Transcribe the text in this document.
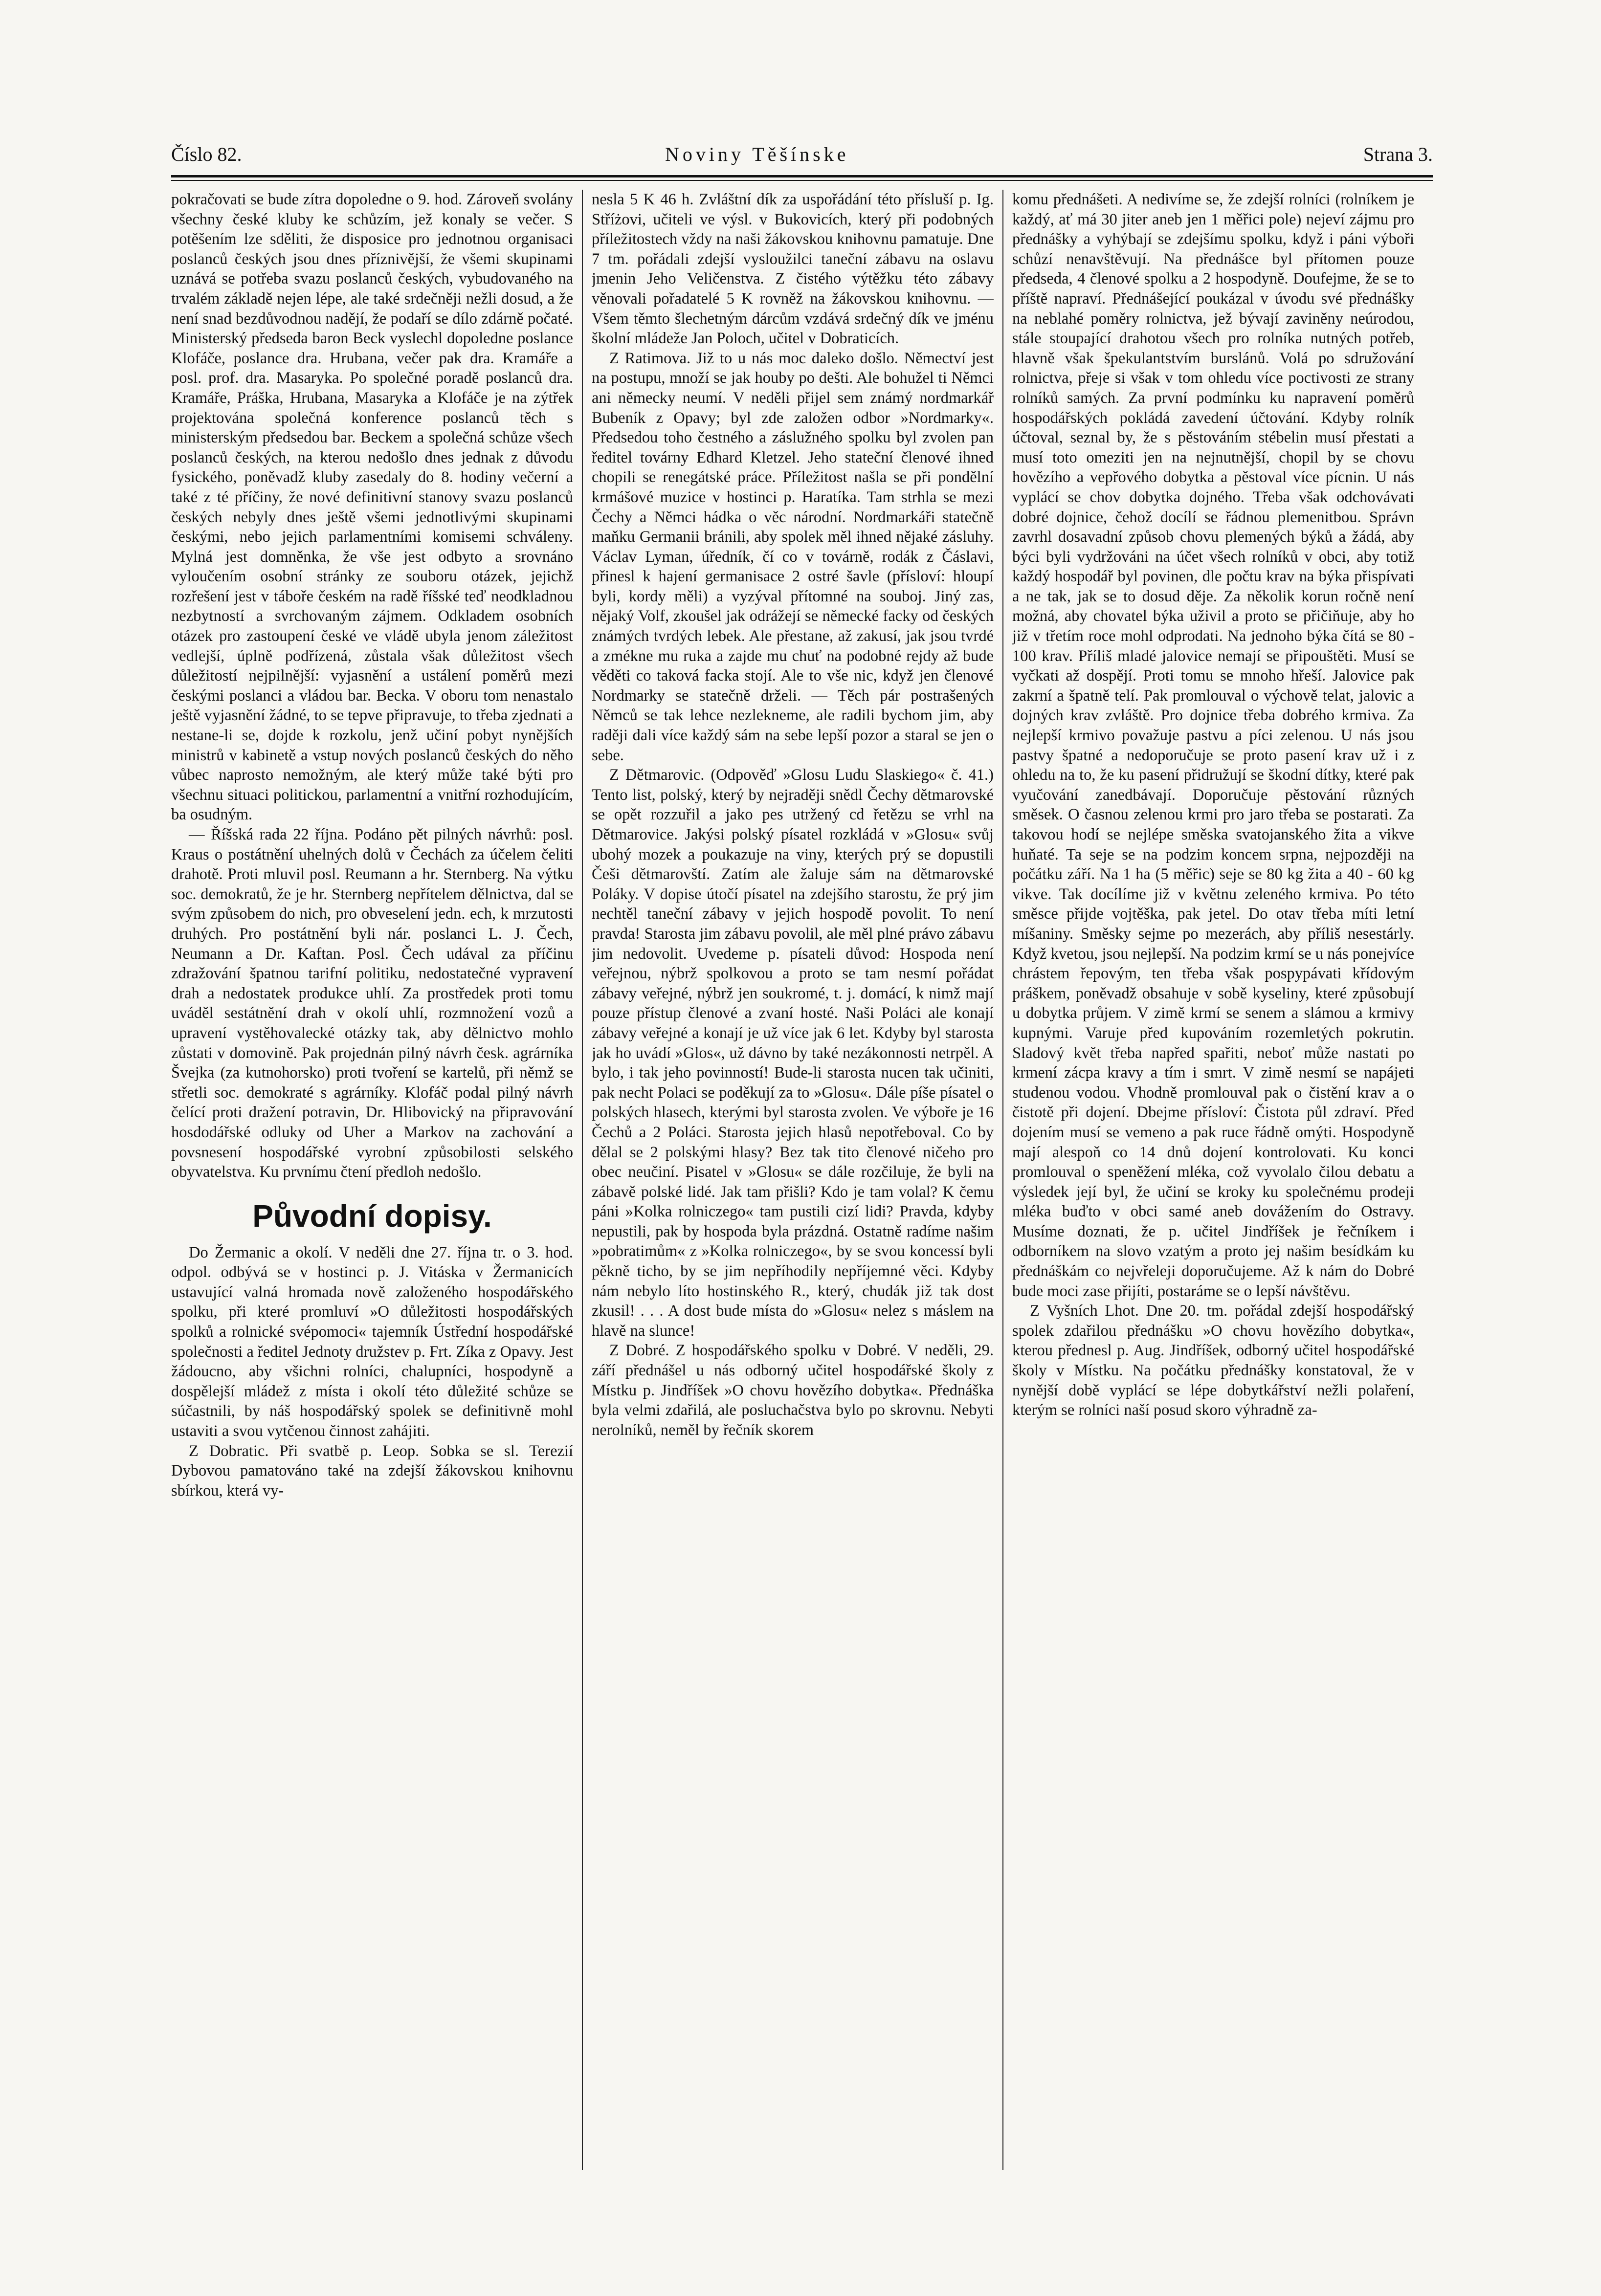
Číslo 82.	Noviny Těšínske	Strana 3.

pokračovati se bude zítra dopoledne o 9. hod. Zároveň svolány všechny české kluby ke schůzím, jež konaly se večer. S potěšením lze sděliti, že disposice pro jednotnou organisaci poslanců českých jsou dnes příznivější, že všemi skupinami uznává se potřeba svazu poslanců českých, vybudovaného na trvalém základě nejen lépe, ale také srdečněji nežli dosud, a že není snad bezdůvodnou nadějí, že podaří se dílo zdárně počaté. Ministerský předseda baron Beck vyslechl dopoledne poslance Klofáče, poslance dra. Hrubana, večer pak dra. Kramáře a posl. prof. dra. Masaryka. Po společné poradě poslanců dra. Kramáře, Práška, Hrubana, Masaryka a Klofáče je na zýtřek projektována společná konference poslanců těch s ministerským předsedou bar. Beckem a společná schůze všech poslanců českých, na kterou nedošlo dnes jednak z důvodu fysického, poněvadž kluby zasedaly do 8. hodiny večerní a také z té příčiny, že nové definitivní stanovy svazu poslanců českých nebyly dnes ještě všemi jednotlivými skupinami českými, nebo jejich parlamentními komisemi schváleny. Mylná jest domněnka, že vše jest odbyto a srovnáno vyloučením osobní stránky ze souboru otázek, jejichž rozřešení jest v táboře českém na radě říšské teď neodkladnou nezbytností a svrchovaným zájmem. Odkladem osobních otázek pro zastoupení české ve vládě ubyla jenom záležitost vedlejší, úplně podřízená, zůstala však důležitost všech důležitostí nejpilnější: vyjasnění a ustálení poměrů mezi českými poslanci a vládou bar. Becka. V oboru tom nenastalo ještě vyjasnění žádné, to se tepve připravuje, to třeba zjednati a nestane-li se, dojde k rozkolu, jenž učiní pobyt nynějších ministrů v kabinetě a vstup nových poslanců českých do něho vůbec naprosto nemožným, ale který může také býti pro všechnu situaci politickou, parlamentní a vnitřní rozhodujícím, ba osudným.

— Říšská rada 22 října. Podáno pět pilných návrhů: posl. Kraus o postátnění uhelných dolů v Čechách za účelem čeliti drahotě. Proti mluvil posl. Reumann a hr. Sternberg. Na výtku soc. demokratů, že je hr. Sternberg nepřítelem dělnictva, dal se svým způsobem do nich, pro obveselení jedn. ech, k mrzutosti druhých. Pro postátnění byli nár. poslanci L. J. Čech, Neumann a Dr. Kaftan. Posl. Čech udával za příčinu zdražování špatnou tarifní politiku, nedostatečné vypravení drah a nedostatek produkce uhlí. Za prostředek proti tomu uváděl sestátnění drah v okolí uhlí, rozmnožení vozů a upravení vystěhovalecké otázky tak, aby dělnictvo mohlo zůstati v domovině. Pak projednán pilný návrh česk. agrárníka Švejka (za kutnohorsko) proti tvoření se kartelů, při němž se střetli soc. demokraté s agrárníky. Klofáč podal pilný návrh čelící proti dražení potravin, Dr. Hlibovický na připravování hosdodářské odluky od Uher a Markov na zachování a povsnesení hospodářské vyrobní způsobilosti selského obyvatelstva. Ku prvnímu čtení předloh nedošlo.

Původní dopisy.

Do Žermanic a okolí. V neděli dne 27. října tr. o 3. hod. odpol. odbývá se v hostinci p. J. Vitáska v Žermanicích ustavující valná hromada nově založeného hospodářského spolku, při které promluví »O důležitosti hospodářských spolků a rolnické svépomoci« tajemník Ústřední hospodářské společnosti a ředitel Jednoty družstev p. Frt. Zíka z Opavy. Jest žádoucno, aby všichni rolníci, chalupníci, hospodyně a dospělejší mládež z místa i okolí této důležité schůze se súčastnili, by náš hospodářský spolek se definitivně mohl ustaviti a svou vytčenou činnost zahájiti.

Z Dobratic. Při svatbě p. Leop. Sobka se sl. Terezií Dybovou pamatováno také na zdejší žákovskou knihovnu sbírkou, která vy-

nesla 5 K 46 h. Zvláštní dík za uspořádání této přísluší p. Ig. Stříżovi, učiteli ve výsl. v Bukovicích, který při podobných příležitostech vždy na naši žákovskou knihovnu pamatuje. Dne 7 tm. pořádali zdejší vysloužilci taneční zábavu na oslavu jmenin Jeho Veličenstva. Z čistého výtěžku této zábavy věnovali pořadatelé 5 K rovněž na žákovskou knihovnu. — Všem těmto šlechetným dárcům vzdává srdečný dík ve jménu školní mládeže Jan Poloch, učitel v Dobraticích.

Z Ratimova. Již to u nás moc daleko došlo. Němectví jest na postupu, množí se jak houby po dešti. Ale bohužel ti Němci ani německy neumí. V neděli přijel sem známý nordmarkář Bubeník z Opavy; byl zde založen odbor »Nordmarky«. Předsedou toho čestného a záslužného spolku byl zvolen pan ředitel továrny Edhard Kletzel. Jeho stateční členové ihned chopili se renegátské práce. Příležitost našla se při pondělní krmášové muzice v hostinci p. Haratíka. Tam strhla se mezi Čechy a Němci hádka o věc národní. Nordmarkáři statečně maňku Germanii bránili, aby spolek měl ihned nějaké zásluhy. Václav Lyman, úředník, čí co v továrně, rodák z Čáslavi, přinesl k hajení germanisace 2 ostré šavle (přísloví: hloupí byli, kordy měli) a vyzýval přítomné na souboj. Jiný zas, nějaký Volf, zkoušel jak odrážejí se německé facky od českých známých tvrdých lebek. Ale přestane, až zakusí, jak jsou tvrdé a zmékne mu ruka a zajde mu chuť na podobné rejdy až bude věděti co taková facka stojí. Ale to vše nic, když jen členové Nordmarky se statečně drželi. — Těch pár postrašených Němců se tak lehce nezlekneme, ale radili bychom jim, aby raději dali více každý sám na sebe lepší pozor a staral se jen o sebe.

Z Dětmarovic. (Odpověď »Glosu Ludu Slaskiego« č. 41.) Tento list, polský, který by nejraději snědl Čechy dětmarovské se opět rozzuřil a jako pes utržený cd řetězu se vrhl na Dětmarovice. Jakýsi polský písatel rozkládá v »Glosu« svůj ubohý mozek a poukazuje na viny, kterých prý se dopustili Češi dětmarovští. Zatím ale žaluje sám na dětmarovské Poláky. V dopise útočí písatel na zdejšího starostu, že prý jim nechtěl taneční zábavy v jejich hospodě povolit. To není pravda! Starosta jim zábavu povolil, ale měl plné právo zábavu jim nedovolit. Uvedeme p. písateli důvod: Hospoda není veřejnou, nýbrž spolkovou a proto se tam nesmí pořádat zábavy veřejné, nýbrž jen soukromé, t. j. domácí, k nimž mají pouze přístup členové a zvaní hosté. Naši Poláci ale konají zábavy veřejné a konají je už více jak 6 let. Kdyby byl starosta jak ho uvádí »Glos«, už dávno by také nezákonnosti netrpěl. A bylo, i tak jeho povinností! Bude-li starosta nucen tak učiniti, pak necht Polaci se poděkují za to »Glosu«. Dále píše písatel o polských hlasech, kterými byl starosta zvolen. Ve výboře je 16 Čechů a 2 Poláci. Starosta jejich hlasů nepotřeboval. Co by dělal se 2 polskými hlasy? Bez tak tito členové ničeho pro obec neučiní. Pisatel v »Glosu« se dále rozčiluje, že byli na zábavě polské lidé. Jak tam přišli? Kdo je tam volal? K čemu páni »Kolka rolniczego« tam pustili cizí lidi? Pravda, kdyby nepustili, pak by hospoda byla prázdná. Ostatně radíme našim »pobratimům« z »Kolka rolniczego«, by se svou koncessí byli pěkně ticho, by se jim nepříhodily nepříjemné věci. Kdyby nám nebylo líto hostinského R., který, chudák již tak dost zkusil! . . . A dost bude místa do »Glosu« nelez s máslem na hlavě na slunce!

Z Dobré. Z hospodářského spolku v Dobré. V neděli, 29. září přednášel u nás odborný učitel hospodářské školy z Místku p. Jindříšek »O chovu hovězího dobytka«. Přednáška byla velmi zdařilá, ale posluchačstva bylo po skrovnu. Nebyti nerolníků, neměl by řečník skorem

komu přednášeti. A nedivíme se, že zdejší rolníci (rolníkem je každý, ať má 30 jiter aneb jen 1 měřici pole) nejeví zájmu pro přednášky a vyhýbají se zdejšímu spolku, když i páni výboři schůzí nenavštěvují. Na přednášce byl přítomen pouze předseda, 4 členové spolku a 2 hospodyně. Doufejme, že se to příště napraví. Přednášející poukázal v úvodu své přednášky na neblahé poměry rolnictva, jež bývají zaviněny neúrodou, stále stoupající drahotou všech pro rolníka nutných potřeb, hlavně však špekulantstvím burslánů. Volá po sdružování rolnictva, přeje si však v tom ohledu více poctivosti ze strany rolníků samých. Za první podmínku ku napravení poměrů hospodářských pokládá zavedení účtování. Kdyby rolník účtoval, seznal by, že s pěstováním stébelin musí přestati a musí toto omeziti jen na nejnutnější, chopil by se chovu hovězího a vepřového dobytka a pěstoval více pícnin. U nás vyplácí se chov dobytka dojného. Třeba však odchovávati dobré dojnice, čehož docílí se řádnou plemenitbou. Správn zavrhl dosavadní způsob chovu plemených býků a žádá, aby býci byli vydržováni na účet všech rolníků v obci, aby totiž každý hospodář byl povinen, dle počtu krav na býka přispívati a ne tak, jak se to dosud děje. Za několik korun ročně není možná, aby chovatel býka uživil a proto se přičiňuje, aby ho již v třetím roce mohl odprodati. Na jednoho býka čítá se 80 - 100 krav. Příliš mladé jalovice nemají se připouštěti. Musí se vyčkati až dospějí. Proti tomu se mnoho hřeší. Jalovice pak zakrní a špatně telí. Pak promlouval o výchově telat, jalovic a dojných krav zvláště. Pro dojnice třeba dobrého krmiva. Za nejlepší krmivo považuje pastvu a píci zelenou. U nás jsou pastvy špatné a nedoporučuje se proto pasení krav už i z ohledu na to, že ku pasení přidružují se škodní dítky, které pak vyučování zanedbávají. Doporučuje pěstování různých směsek. O časnou zelenou krmi pro jaro třeba se postarati. Za takovou hodí se nejlépe směska svatojanského žita a vikve huňaté. Ta seje se na podzim koncem srpna, nejpozději na počátku září. Na 1 ha (5 měřic) seje se 80 kg žita a 40 - 60 kg vikve. Tak docílíme již v květnu zeleného krmiva. Po této směsce přijde vojtěška, pak jetel. Do otav třeba míti letní míšaniny. Směsky sejme po mezerách, aby příliš nesestárly. Když kvetou, jsou nejlepší. Na podzim krmí se u nás ponejvíce chrástem řepovým, ten třeba však pospypávati křídovým práškem, poněvadž obsahuje v sobě kyseliny, které způsobují u dobytka průjem. V zimě krmí se senem a slámou a krmivy kupnými. Varuje před kupováním rozemletých pokrutin. Sladový květ třeba napřed spařiti, neboť může nastati po krmení zácpa kravy a tím i smrt. V zimě nesmí se napájeti studenou vodou. Vhodně promlouval pak o čistění krav a o čistotě při dojení. Dbejme přísloví: Čistota půl zdraví. Před dojením musí se vemeno a pak ruce řádně omýti. Hospodyně mají alespoň co 14 dnů dojení kontrolovati. Ku konci promlouval o speněžení mléka, což vyvolalo čilou debatu a výsledek její byl, že učiní se kroky ku společnému prodeji mléka buďto v obci samé aneb dovážením do Ostravy. Musíme doznati, že p. učitel Jindříšek je řečníkem i odborníkem na slovo vzatým a proto jej našim besídkám ku přednáškám co nejvřeleji doporučujeme. Až k nám do Dobré bude moci zase přijíti, postaráme se o lepší návštěvu.

Z Vyšních Lhot. Dne 20. tm. pořádal zdejší hospodářský spolek zdařilou přednášku »O chovu hovězího dobytka«, kterou přednesl p. Aug. Jindříšek, odborný učitel hospodářské školy v Místku. Na počátku přednášky konstatoval, že v nynější době vyplácí se lépe dobytkářství nežli polaření, kterým se rolníci naší posud skoro výhradně za-
